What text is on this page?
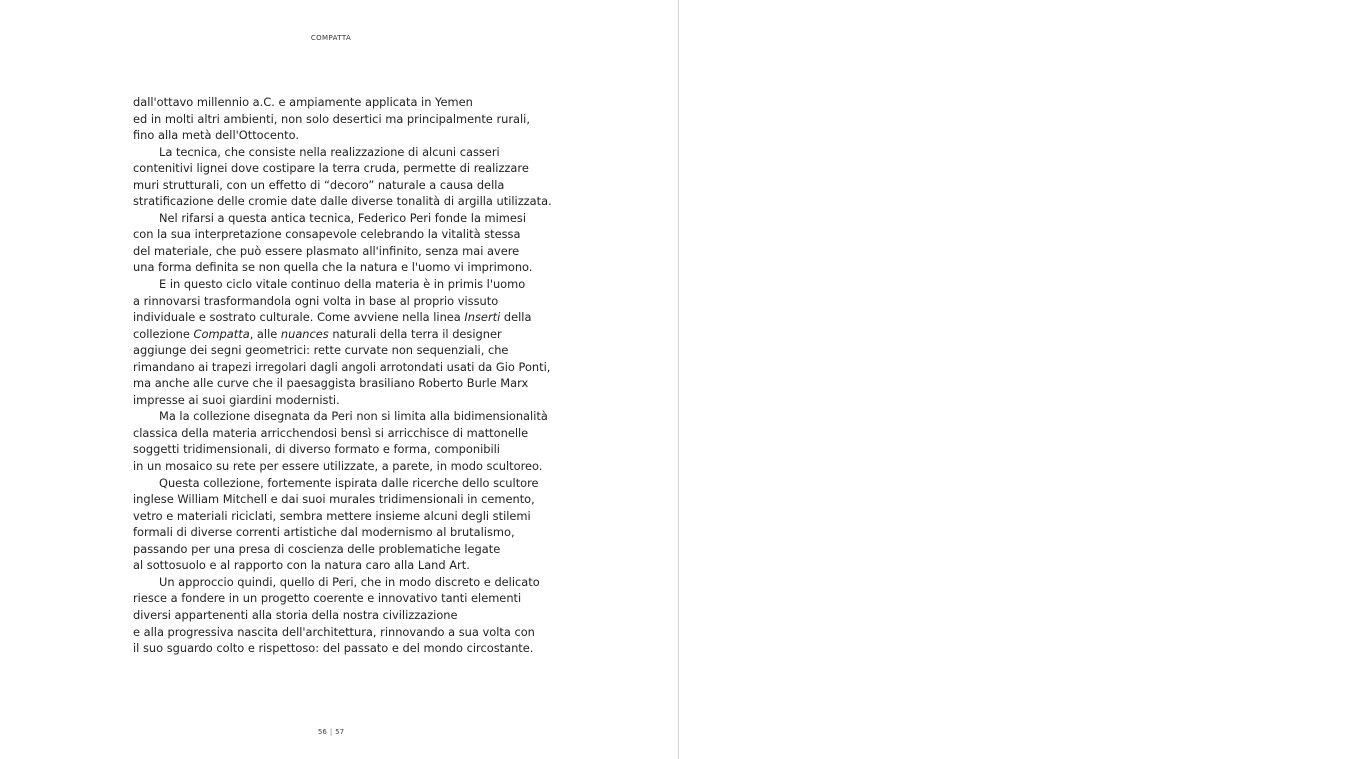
COMPATTA
dall'ottavo millennio a.C. e ampiamente applicata in Yemen
ed in molti altri ambienti, non solo desertici ma principalmente rurali,
fino alla metà dell'Ottocento.
La tecnica, che consiste nella realizzazione di alcuni casseri
contenitivi lignei dove costipare la terra cruda, permette di realizzare
muri strutturali, con un effetto di “decoro” naturale a causa della
stratificazione delle cromie date dalle diverse tonalità di argilla utilizzata.
Nel rifarsi a questa antica tecnica, Federico Peri fonde la mimesi
con la sua interpretazione consapevole celebrando la vitalità stessa
del materiale, che può essere plasmato all'infinito, senza mai avere
una forma definita se non quella che la natura e l'uomo vi imprimono.
E in questo ciclo vitale continuo della materia è in primis l'uomo
a rinnovarsi trasformandola ogni volta in base al proprio vissuto
individuale e sostrato culturale. Come avviene nella linea Inserti della
collezione Compatta, alle nuances naturali della terra il designer
aggiunge dei segni geometrici: rette curvate non sequenziali, che
rimandano ai trapezi irregolari dagli angoli arrotondati usati da Gio Ponti,
ma anche alle curve che il paesaggista brasiliano Roberto Burle Marx
impresse ai suoi giardini modernisti.
Ma la collezione disegnata da Peri non si limita alla bidimensionalità
classica della materia arricchendosi bensì si arricchisce di mattonelle
soggetti tridimensionali, di diverso formato e forma, componibili
in un mosaico su rete per essere utilizzate, a parete, in modo scultoreo.
Questa collezione, fortemente ispirata dalle ricerche dello scultore
inglese William Mitchell e dai suoi murales tridimensionali in cemento,
vetro e materiali riciclati, sembra mettere insieme alcuni degli stilemi
formali di diverse correnti artistiche dal modernismo al brutalismo,
passando per una presa di coscienza delle problematiche legate
al sottosuolo e al rapporto con la natura caro alla Land Art.
Un approccio quindi, quello di Peri, che in modo discreto e delicato
riesce a fondere in un progetto coerente e innovativo tanti elementi
diversi appartenenti alla storia della nostra civilizzazione
e alla progressiva nascita dell'architettura, rinnovando a sua volta con
il suo sguardo colto e rispettoso: del passato e del mondo circostante.
56 | 57
